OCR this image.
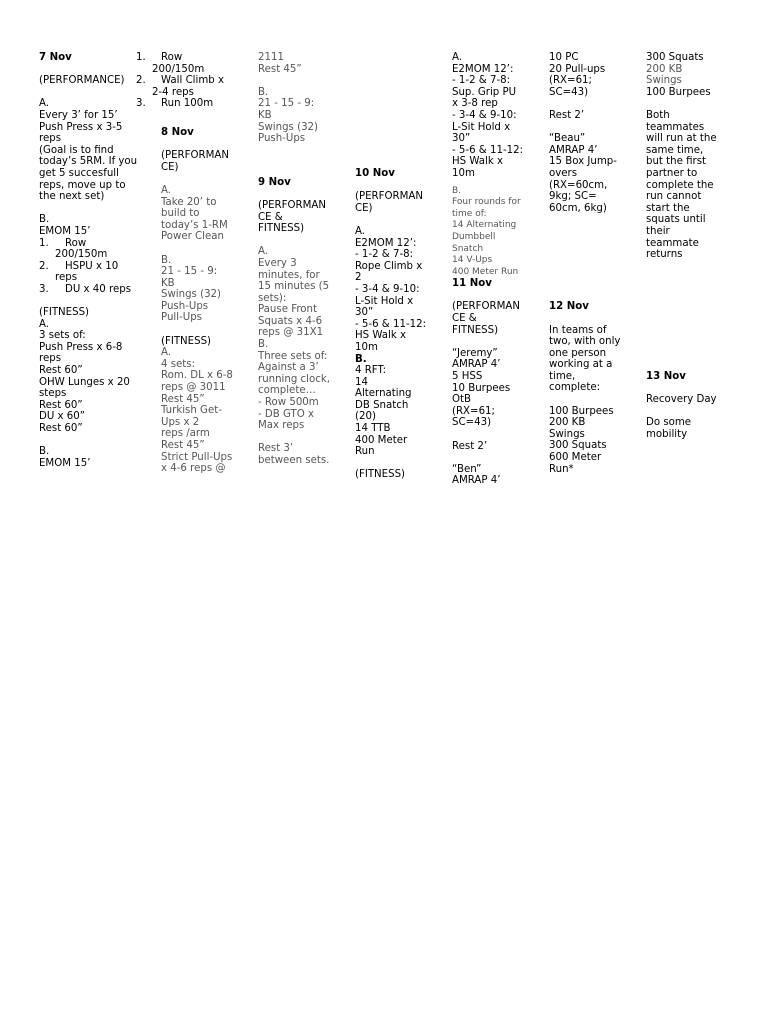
7 Nov
(PERFORMANCE)
A.
Every 3’ for 15’
Push Press x 3-5
reps
(Goal is to find
today’s 5RM. If you
get 5 succesfull
reps, move up to
the next set)
B.
EMOM 15’
1.	Row
200/150m
2.	HSPU x 10
reps
3.	DU x 40 reps
(FITNESS)
A.
3 sets of:
Push Press x 6-8
reps
Rest 60”
OHW Lunges x 20
steps
Rest 60”
DU x 60”
Rest 60”
B.
EMOM 15’
1.	Row
200/150m
2.	Wall Climb x
2-4 reps
3.	Run 100m
8 Nov
(PERFORMAN
CE)
A.
Take 20’ to
build to
today’s 1-RM
Power Clean
B.
21 - 15 - 9:
KB
Swings (32)
Push-Ups
Pull-Ups
(FITNESS)
A.
4 sets:
Rom. DL x 6-8
reps @ 3011
Rest 45”
Turkish Get-
Ups x 2
reps /arm
Rest 45”
Strict Pull-Ups
x 4-6 reps @
2111
Rest 45”
B.
21 - 15 - 9:
KB
Swings (32)
Push-Ups
9 Nov
(PERFORMAN
CE &
FITNESS)
A.
Every 3
minutes, for
15 minutes (5
sets):
Pause Front
Squats x 4-6
reps @ 31X1
B.
Three sets of:
Against a 3’
running clock,
complete…
- Row 500m
- DB GTO x
Max reps
Rest 3’
between sets.
10 Nov
(PERFORMAN
CE)
A.
E2MOM 12’:
- 1-2 & 7-8:
Rope Climb x
2
- 3-4 & 9-10:
L-Sit Hold x
30”
- 5-6 & 11-12:
HS Walk x
10m
B.
4 RFT:
14
Alternating
DB Snatch
(20)
14 TTB
400 Meter
Run
(FITNESS)
A.
E2MOM 12’:
- 1-2 & 7-8:
Sup. Grip PU
x 3-8 rep
- 3-4 & 9-10:
L-Sit Hold x
30”
- 5-6 & 11-12:
HS Walk x
10m
B.
Four rounds for
time of:
14 Alternating
Dumbbell
Snatch
14 V-Ups
400 Meter Run
11 Nov
(PERFORMAN
CE &
FITNESS)
“Jeremy”
AMRAP 4’
5 HSS
10 Burpees
OtB
(RX=61;
SC=43)
Rest 2’
“Ben”
AMRAP 4’
10 PC
20 Pull-ups
(RX=61;
SC=43)
Rest 2’
“Beau”
AMRAP 4’
15 Box Jump-
overs
(RX=60cm,
9kg; SC=
60cm, 6kg)
12 Nov
In teams of
two, with only
one person
working at a
time,
complete:
100 Burpees
200 KB
Swings
300 Squats
600 Meter
Run*
300 Squats
200 KB
Swings
100 Burpees
Both
teammates
will run at the
same time,
but the first
partner to
complete the
run cannot
start the
squats until
their
teammate
returns
13 Nov
Recovery Day
Do some
mobility
